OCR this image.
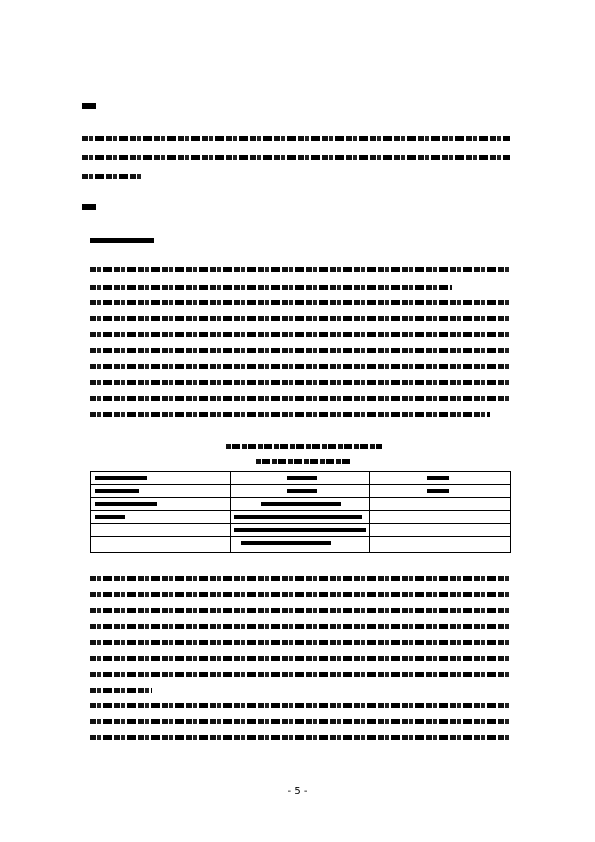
- 5 -
